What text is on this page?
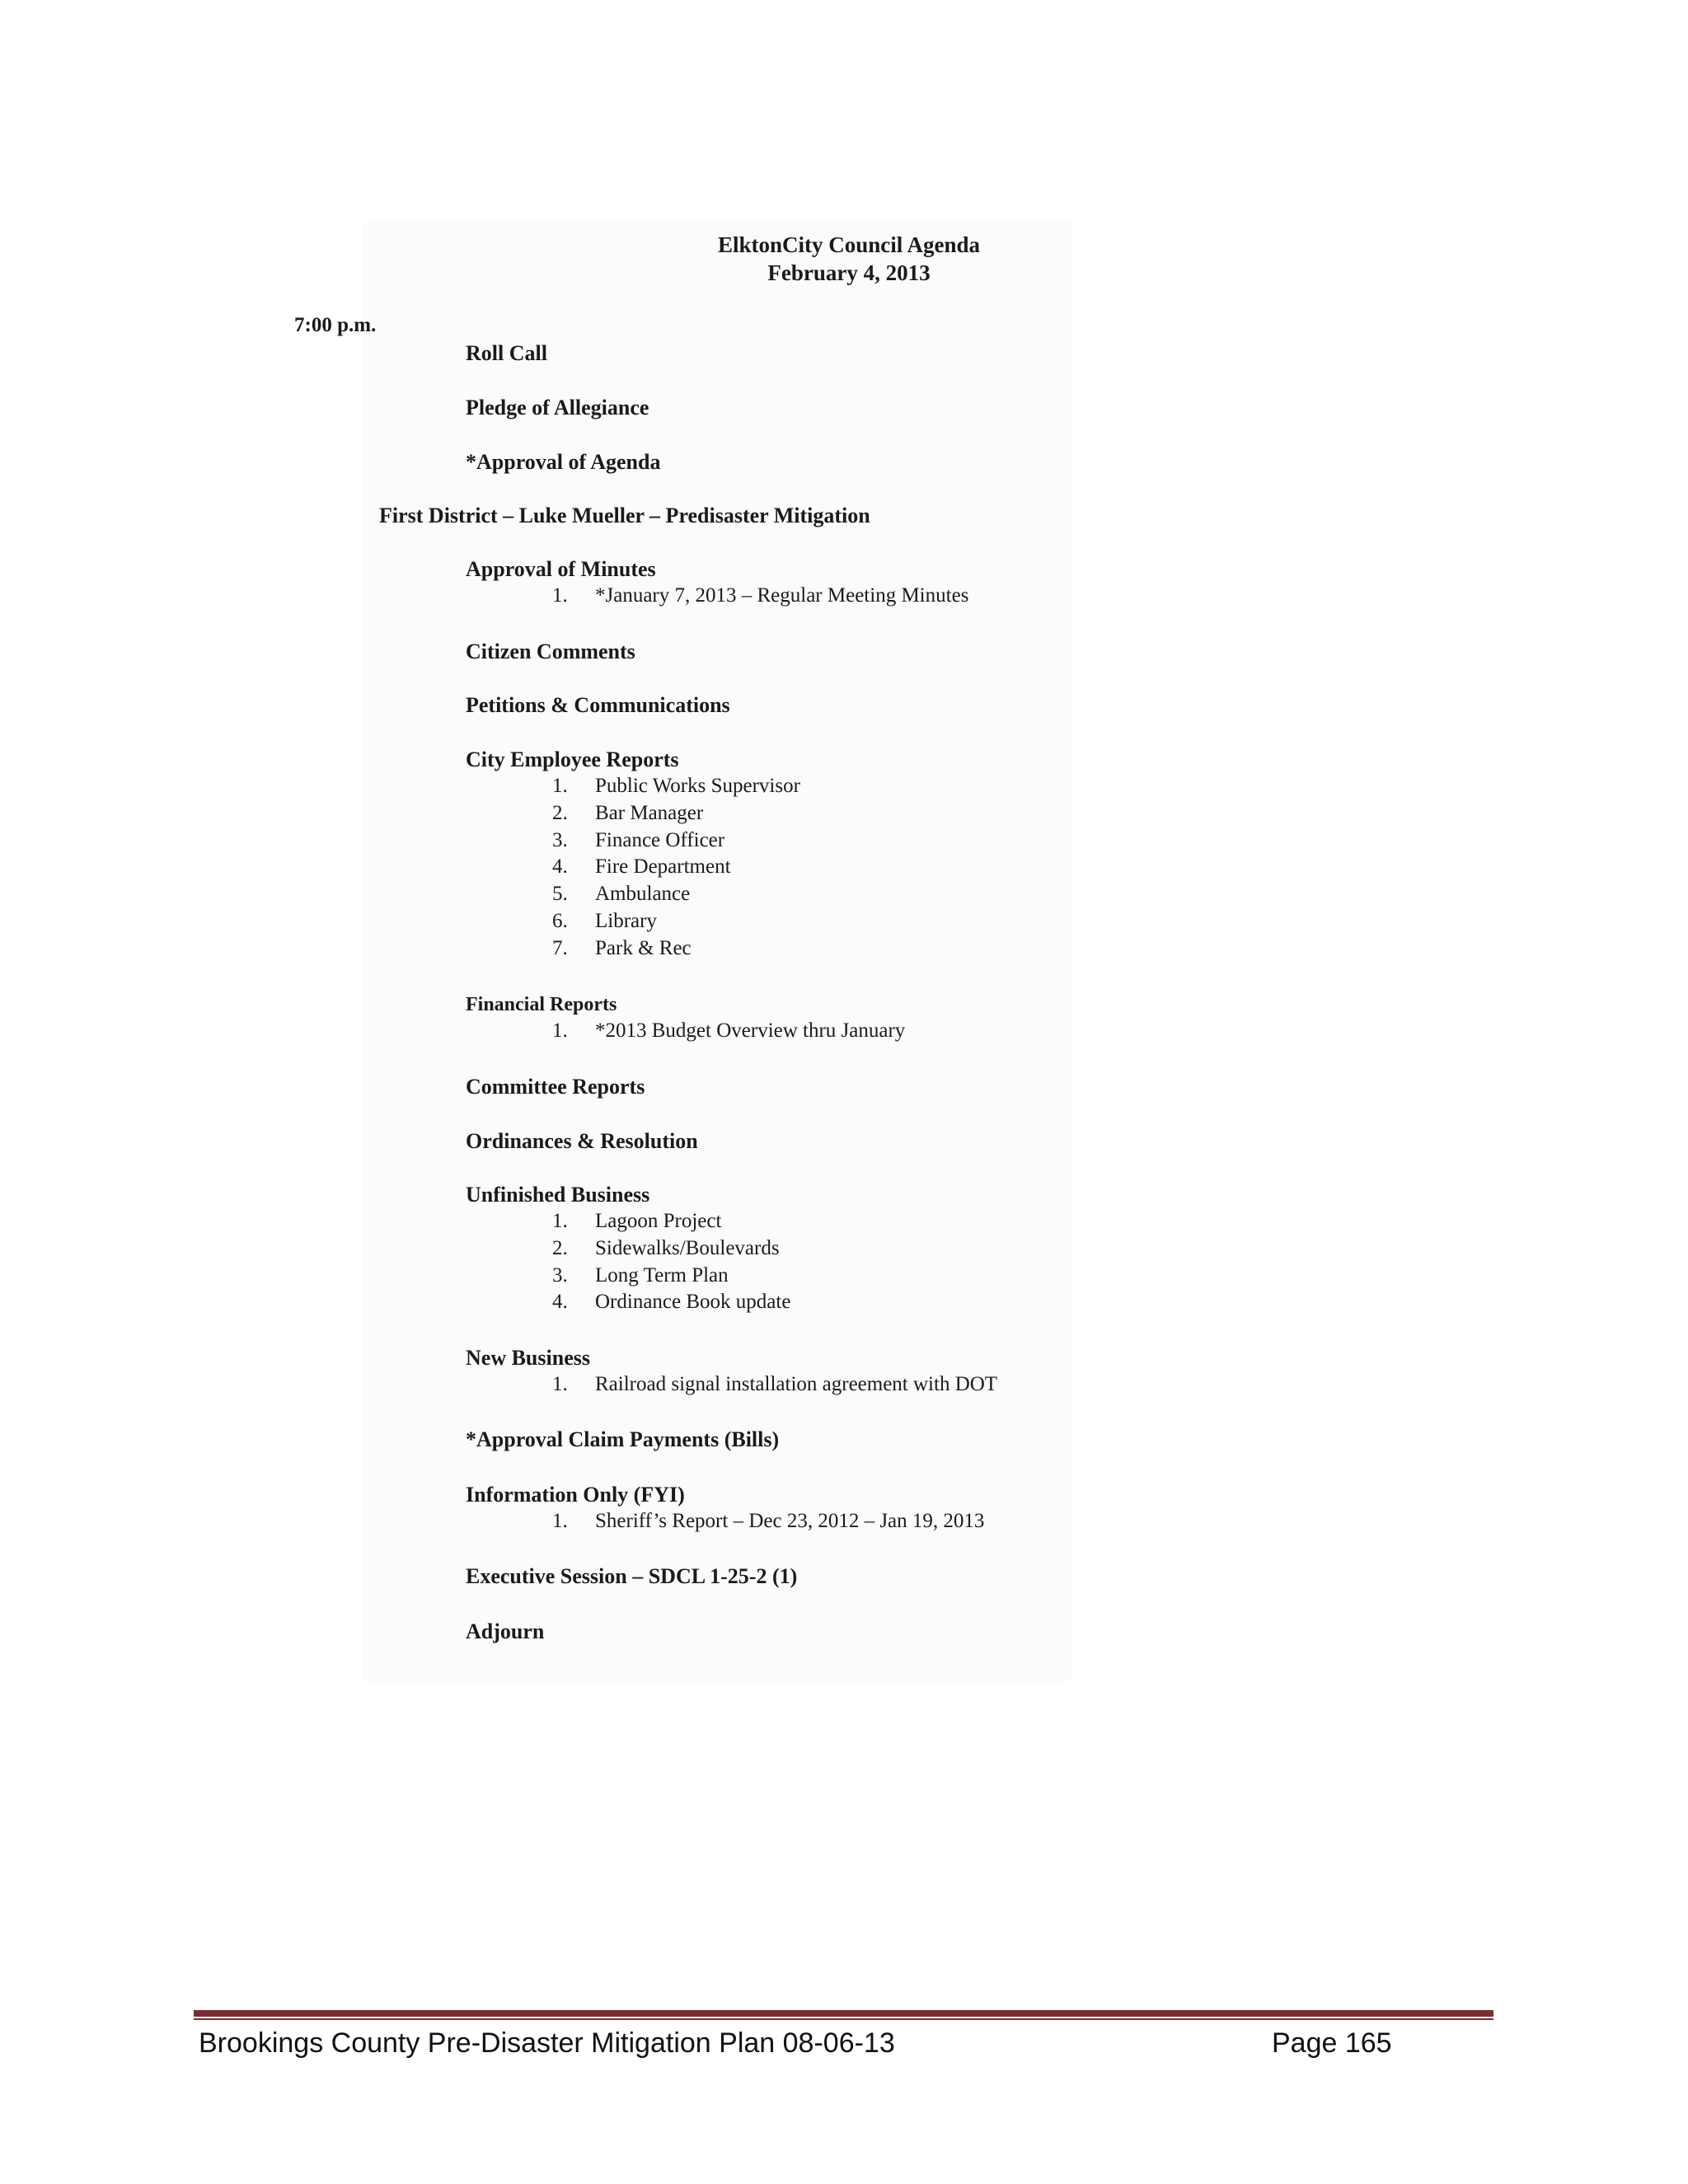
ElktonCity Council Agenda
February 4, 2013
7:00 p.m.
Roll Call
Pledge of Allegiance
*Approval of Agenda
First District – Luke Mueller – Predisaster Mitigation
Approval of Minutes
1. *January 7, 2013 – Regular Meeting Minutes
Citizen Comments
Petitions & Communications
City Employee Reports
1. Public Works Supervisor
2. Bar Manager
3. Finance Officer
4. Fire Department
5. Ambulance
6. Library
7. Park & Rec
Financial Reports
1. *2013 Budget Overview thru January
Committee Reports
Ordinances & Resolution
Unfinished Business
1. Lagoon Project
2. Sidewalks/Boulevards
3. Long Term Plan
4. Ordinance Book update
New Business
1. Railroad signal installation agreement with DOT
*Approval Claim Payments (Bills)
Information Only (FYI)
1. Sheriff’s Report – Dec 23, 2012 – Jan 19, 2013
Executive Session – SDCL 1-25-2 (1)
Adjourn
Brookings County Pre-Disaster Mitigation Plan 08-06-13	Page 165
